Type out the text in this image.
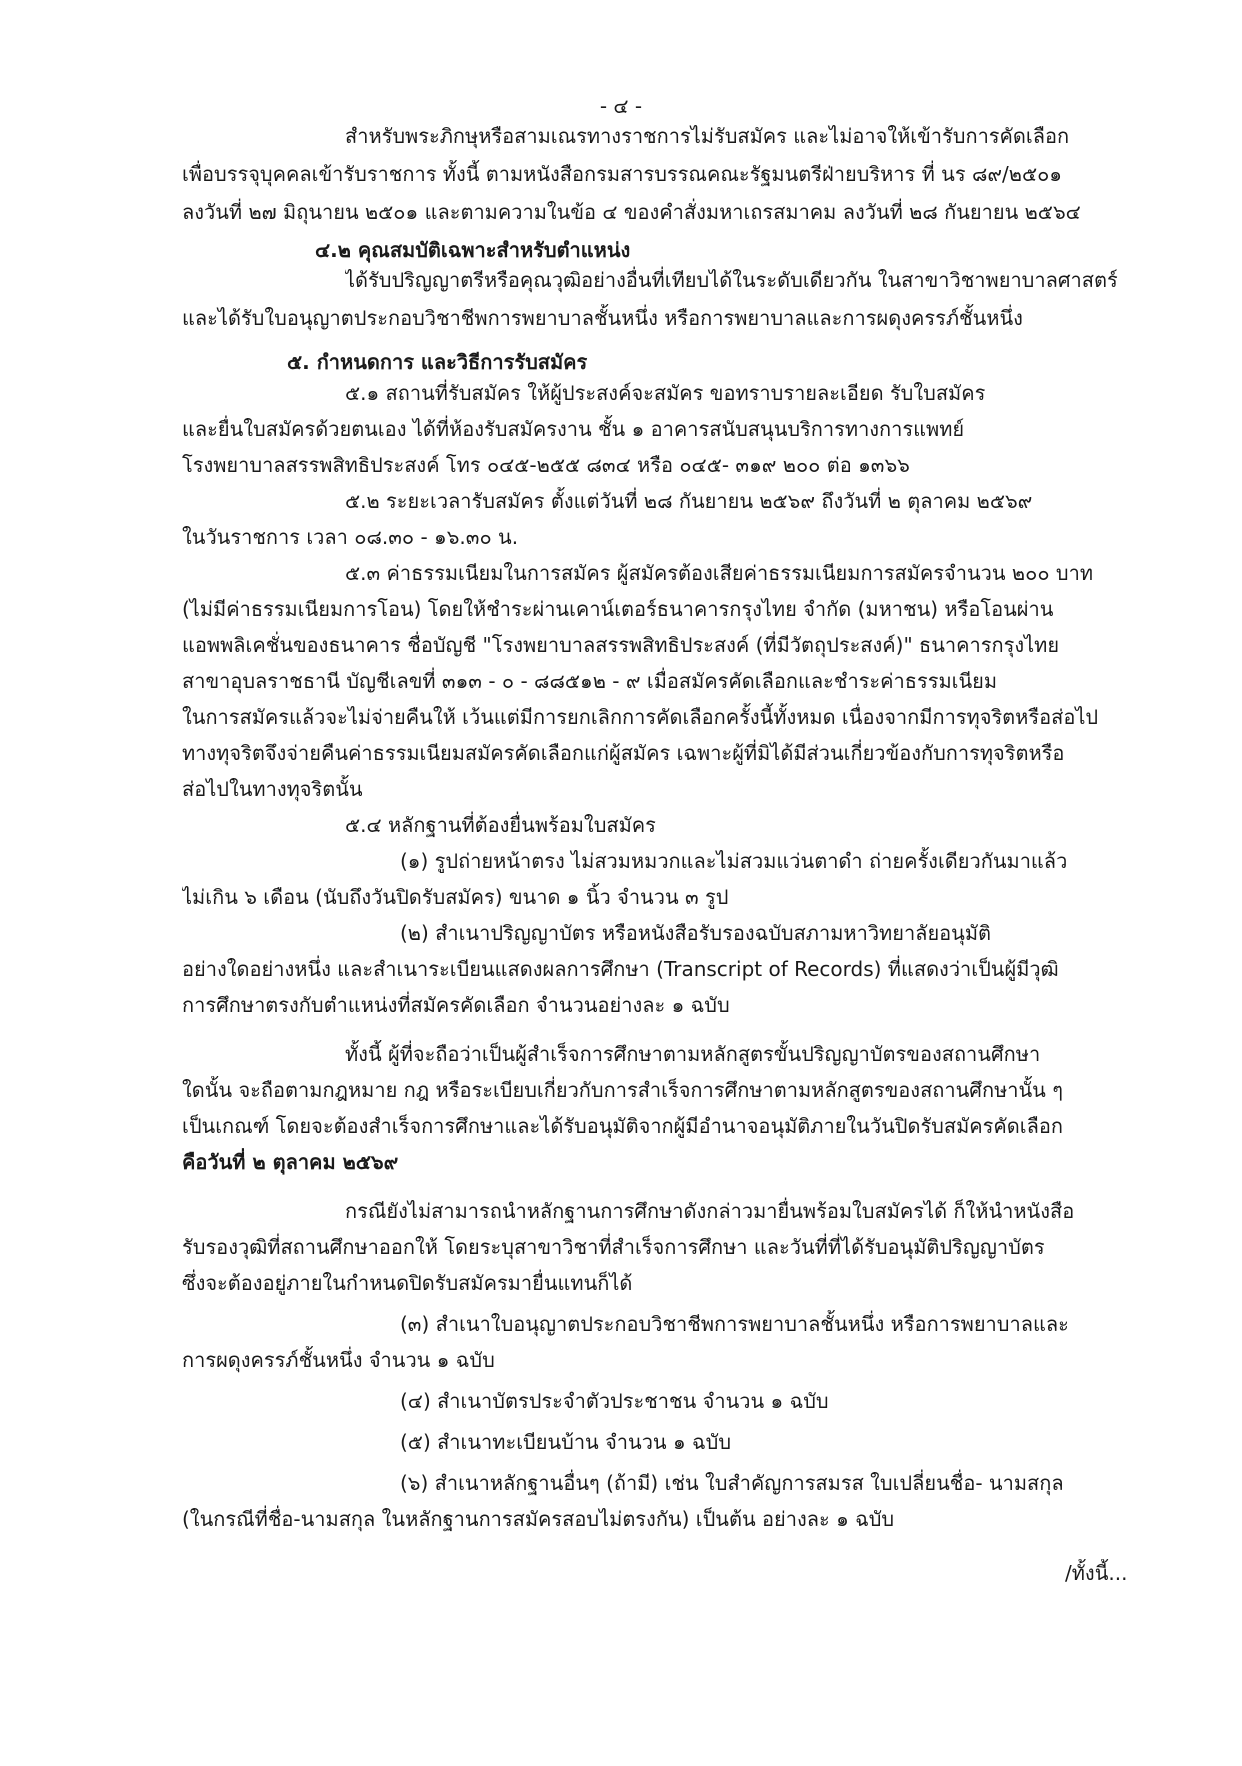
- ๔ -
สำหรับพระภิกษุหรือสามเณรทางราชการไม่รับสมัคร และไม่อาจให้เข้ารับการคัดเลือก
เพื่อบรรจุบุคคลเข้ารับราชการ ทั้งนี้ ตามหนังสือกรมสารบรรณคณะรัฐมนตรีฝ่ายบริหาร ที่ นร ๘๙/๒๕๐๑
ลงวันที่ ๒๗ มิถุนายน ๒๕๐๑ และตามความในข้อ ๔ ของคำสั่งมหาเถรสมาคม ลงวันที่ ๒๘ กันยายน ๒๕๖๔
๔.๒ คุณสมบัติเฉพาะสำหรับตำแหน่ง
ได้รับปริญญาตรีหรือคุณวุฒิอย่างอื่นที่เทียบได้ในระดับเดียวกัน ในสาขาวิชาพยาบาลศาสตร์
และได้รับใบอนุญาตประกอบวิชาชีพการพยาบาลชั้นหนึ่ง หรือการพยาบาลและการผดุงครรภ์ชั้นหนึ่ง
๕. กำหนดการ และวิธีการรับสมัคร
๕.๑ สถานที่รับสมัคร ให้ผู้ประสงค์จะสมัคร ขอทราบรายละเอียด รับใบสมัคร
และยื่นใบสมัครด้วยตนเอง ได้ที่ห้องรับสมัครงาน ชั้น ๑ อาคารสนับสนุนบริการทางการแพทย์
โรงพยาบาลสรรพสิทธิประสงค์ โทร ๐๔๕-๒๕๕ ๘๓๔ หรือ ๐๔๕- ๓๑๙ ๒๐๐ ต่อ ๑๓๖๖
๕.๒ ระยะเวลารับสมัคร ตั้งแต่วันที่ ๒๘ กันยายน ๒๕๖๙ ถึงวันที่ ๒ ตุลาคม ๒๕๖๙
ในวันราชการ เวลา ๐๘.๓๐ - ๑๖.๓๐ น.
๕.๓ ค่าธรรมเนียมในการสมัคร ผู้สมัครต้องเสียค่าธรรมเนียมการสมัครจำนวน ๒๐๐ บาท
(ไม่มีค่าธรรมเนียมการโอน) โดยให้ชำระผ่านเคาน์เตอร์ธนาคารกรุงไทย จำกัด (มหาชน) หรือโอนผ่าน
แอพพลิเคชั่นของธนาคาร ชื่อบัญชี "โรงพยาบาลสรรพสิทธิประสงค์ (ที่มีวัตถุประสงค์)" ธนาคารกรุงไทย
สาขาอุบลราชธานี บัญชีเลขที่ ๓๑๓ - ๐ - ๘๘๕๑๒ - ๙ เมื่อสมัครคัดเลือกและชำระค่าธรรมเนียม
ในการสมัครแล้วจะไม่จ่ายคืนให้ เว้นแต่มีการยกเลิกการคัดเลือกครั้งนี้ทั้งหมด เนื่องจากมีการทุจริตหรือส่อไป
ทางทุจริตจึงจ่ายคืนค่าธรรมเนียมสมัครคัดเลือกแก่ผู้สมัคร เฉพาะผู้ที่มิได้มีส่วนเกี่ยวข้องกับการทุจริตหรือ
ส่อไปในทางทุจริตนั้น
๕.๔ หลักฐานที่ต้องยื่นพร้อมใบสมัคร
(๑) รูปถ่ายหน้าตรง ไม่สวมหมวกและไม่สวมแว่นตาดำ ถ่ายครั้งเดียวกันมาแล้ว
ไม่เกิน ๖ เดือน (นับถึงวันปิดรับสมัคร) ขนาด ๑ นิ้ว จำนวน ๓ รูป
(๒) สำเนาปริญญาบัตร หรือหนังสือรับรองฉบับสภามหาวิทยาลัยอนุมัติ
อย่างใดอย่างหนึ่ง และสำเนาระเบียนแสดงผลการศึกษา (Transcript of Records) ที่แสดงว่าเป็นผู้มีวุฒิ
การศึกษาตรงกับตำแหน่งที่สมัครคัดเลือก จำนวนอย่างละ ๑ ฉบับ
ทั้งนี้ ผู้ที่จะถือว่าเป็นผู้สำเร็จการศึกษาตามหลักสูตรขั้นปริญญาบัตรของสถานศึกษา
ใดนั้น จะถือตามกฎหมาย กฎ หรือระเบียบเกี่ยวกับการสำเร็จการศึกษาตามหลักสูตรของสถานศึกษานั้น ๆ
เป็นเกณฑ์ โดยจะต้องสำเร็จการศึกษาและได้รับอนุมัติจากผู้มีอำนาจอนุมัติภายในวันปิดรับสมัครคัดเลือก
คือวันที่ ๒ ตุลาคม ๒๕๖๙
กรณียังไม่สามารถนำหลักฐานการศึกษาดังกล่าวมายื่นพร้อมใบสมัครได้ ก็ให้นำหนังสือ
รับรองวุฒิที่สถานศึกษาออกให้ โดยระบุสาขาวิชาที่สำเร็จการศึกษา และวันที่ที่ได้รับอนุมัติปริญญาบัตร
ซึ่งจะต้องอยู่ภายในกำหนดปิดรับสมัครมายื่นแทนก็ได้
(๓) สำเนาใบอนุญาตประกอบวิชาชีพการพยาบาลชั้นหนึ่ง หรือการพยาบาลและ
การผดุงครรภ์ชั้นหนึ่ง จำนวน ๑ ฉบับ
(๔) สำเนาบัตรประจำตัวประชาชน จำนวน ๑ ฉบับ
(๕) สำเนาทะเบียนบ้าน จำนวน ๑ ฉบับ
(๖) สำเนาหลักฐานอื่นๆ (ถ้ามี) เช่น ใบสำคัญการสมรส ใบเปลี่ยนชื่อ- นามสกุล
(ในกรณีที่ชื่อ-นามสกุล ในหลักฐานการสมัครสอบไม่ตรงกัน) เป็นต้น อย่างละ ๑ ฉบับ
/ทั้งนี้...
